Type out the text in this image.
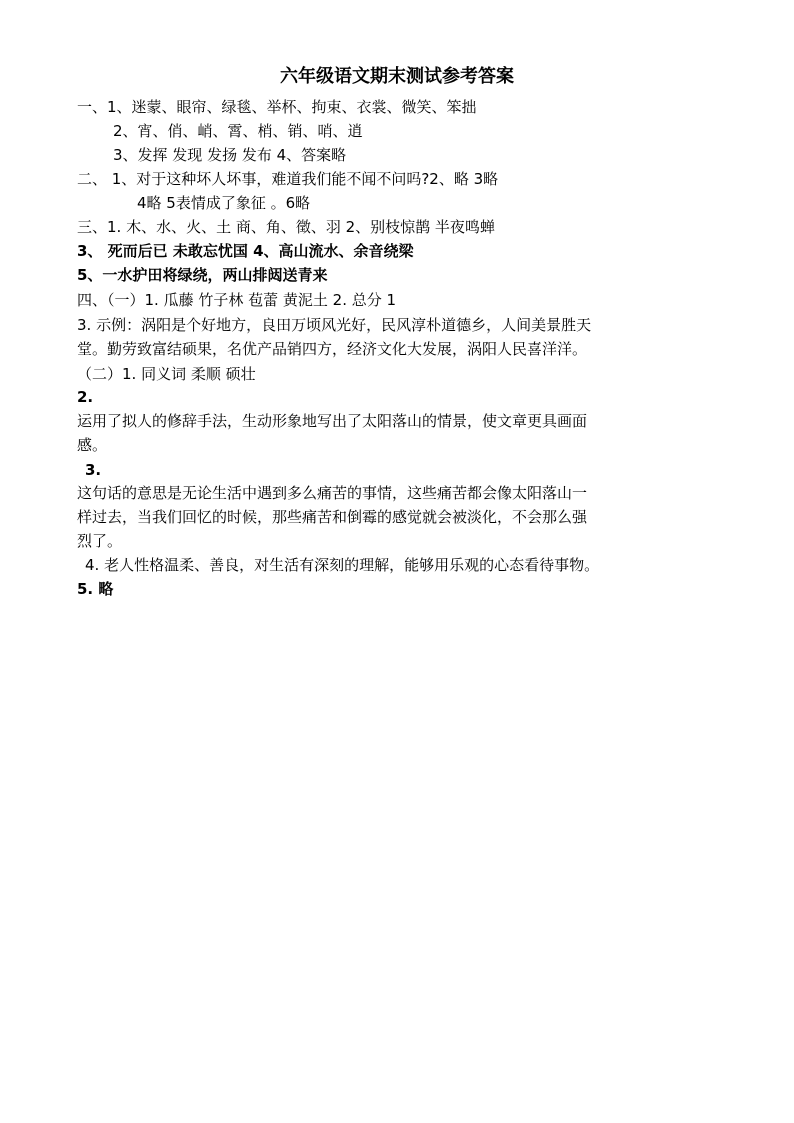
六年级语文期末测试参考答案
一、1、迷蒙、眼帘、绿毯、举杯、拘束、衣裳、微笑、笨拙
2、宵、俏、峭、霄、梢、销、哨、逍
3、发挥 发现 发扬 发布 4、答案略
二、 1、对于这种坏人坏事，难道我们能不闻不问吗?2、略 3略
4略 5表情成了象征 。6略
三、1. 木、水、火、土 商、角、徵、羽 2、别枝惊鹊 半夜鸣蝉
3、 死而后已 未敢忘忧国 4、高山流水、余音绕梁
5、一水护田将绿绕，两山排闼送青来
四、（一）1. 瓜藤 竹子林 苞蕾 黄泥土 2. 总分 1
3. 示例：涡阳是个好地方，良田万顷风光好，民风淳朴道德乡，人间美景胜天
堂。勤劳致富结硕果，名优产品销四方，经济文化大发展，涡阳人民喜洋洋。
（二）1. 同义词 柔顺 硕壮
2.
运用了拟人的修辞手法，生动形象地写出了太阳落山的情景，使文章更具画面
感。
3.
这句话的意思是无论生活中遇到多么痛苦的事情，这些痛苦都会像太阳落山一
样过去，当我们回忆的时候，那些痛苦和倒霉的感觉就会被淡化，不会那么强
烈了。
4. 老人性格温柔、善良，对生活有深刻的理解，能够用乐观的心态看待事物。
5. 略
